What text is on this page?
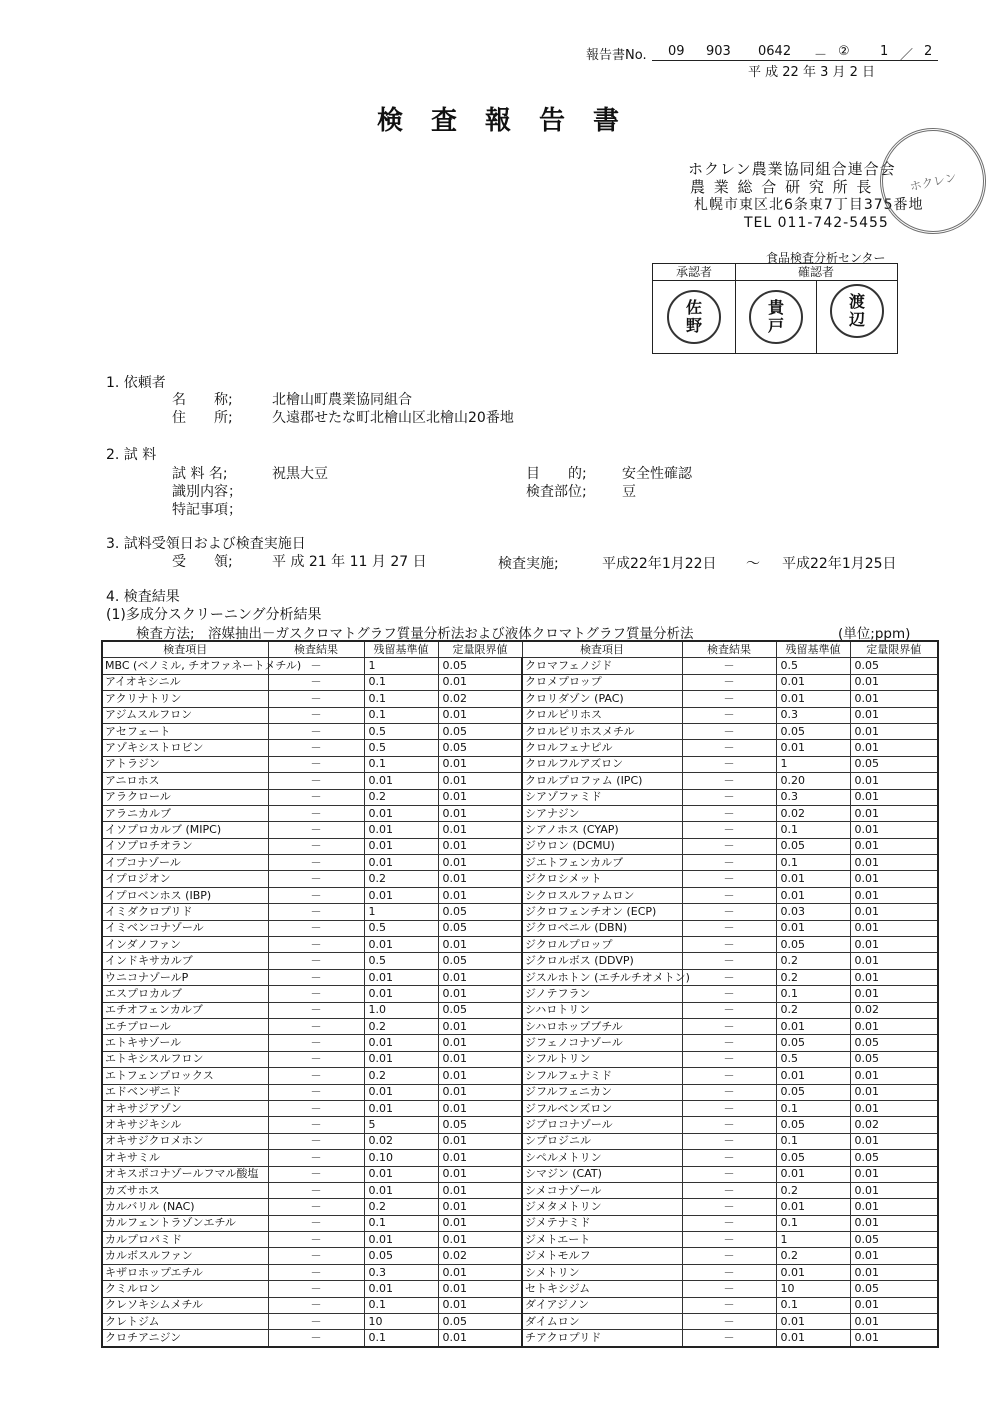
報告書No. 09 903 0642 － ② 1 ／ 2
平 成 22 年 3 月 2 日
検査報告書
ホクレン農業協同組合連合会
農 業 総 合 研 究 所 長
札幌市東区北6条東7丁目375番地
TEL 011-742-5455
ホクレン
食品検査分析センター
承認者	確認者
佐
野
貴
戸
渡
辺
1. 依頼者
名　　称;	北檜山町農業協同組合
住　　所;	久遠郡せたな町北檜山区北檜山20番地
2. 試 料
試 料 名;	祝黒大豆
識別内容；
特記事項；
目　　的;	安全性確認
検査部位;	豆
3. 試料受領日および検査実施日
受　　領;	平 成 21 年 11 月 27 日	検査実施;	平成22年1月22日 ～ 平成22年1月25日
4. 検査結果
(1)多成分スクリーニング分析結果
検査方法;　溶媒抽出－ガスクロマトグラフ質量分析法および液体クロマトグラフ質量分析法	(単位;ppm)
検査項目	検査結果	残留基準値	定量限界値	検査項目	検査結果	残留基準値	定量限界値
MBC (ベノミル, チオファネートメチル)	－	1	0.05	クロマフェノジド	－	0.5	0.05
アイオキシニル	－	0.1	0.01	クロメプロップ	－	0.01	0.01
アクリナトリン	－	0.1	0.02	クロリダゾン (PAC)	－	0.01	0.01
アジムスルフロン	－	0.1	0.01	クロルピリホス	－	0.3	0.01
アセフェート	－	0.5	0.05	クロルピリホスメチル	－	0.05	0.01
アゾキシストロビン	－	0.5	0.05	クロルフェナピル	－	0.01	0.01
アトラジン	－	0.1	0.01	クロルフルアズロン	－	1	0.05
アニロホス	－	0.01	0.01	クロルプロファム (IPC)	－	0.20	0.01
アラクロール	－	0.2	0.01	シアゾファミド	－	0.3	0.01
アラニカルブ	－	0.01	0.01	シアナジン	－	0.02	0.01
イソプロカルブ (MIPC)	－	0.01	0.01	シアノホス (CYAP)	－	0.1	0.01
イソプロチオラン	－	0.01	0.01	ジウロン (DCMU)	－	0.05	0.01
イプコナゾール	－	0.01	0.01	ジエトフェンカルブ	－	0.1	0.01
イプロジオン	－	0.2	0.01	ジクロシメット	－	0.01	0.01
イプロベンホス (IBP)	－	0.01	0.01	シクロスルファムロン	－	0.01	0.01
イミダクロプリド	－	1	0.05	ジクロフェンチオン (ECP)	－	0.03	0.01
イミベンコナゾール	－	0.5	0.05	ジクロベニル (DBN)	－	0.01	0.01
インダノファン	－	0.01	0.01	ジクロルプロップ	－	0.05	0.01
インドキサカルブ	－	0.5	0.05	ジクロルボス (DDVP)	－	0.2	0.01
ウニコナゾールP	－	0.01	0.01	ジスルホトン (エチルチオメトン)	－	0.2	0.01
エスプロカルブ	－	0.01	0.01	ジノテフラン	－	0.1	0.01
エチオフェンカルブ	－	1.0	0.05	シハロトリン	－	0.2	0.02
エチプロール	－	0.2	0.01	シハロホップブチル	－	0.01	0.01
エトキサゾール	－	0.01	0.01	ジフェノコナゾール	－	0.05	0.05
エトキシスルフロン	－	0.01	0.01	シフルトリン	－	0.5	0.05
エトフェンプロックス	－	0.2	0.01	シフルフェナミド	－	0.01	0.01
エドベンザニド	－	0.01	0.01	ジフルフェニカン	－	0.05	0.01
オキサジアゾン	－	0.01	0.01	ジフルベンズロン	－	0.1	0.01
オキサジキシル	－	5	0.05	ジプロコナゾール	－	0.05	0.02
オキサジクロメホン	－	0.02	0.01	シプロジニル	－	0.1	0.01
オキサミル	－	0.10	0.01	シペルメトリン	－	0.05	0.05
オキスポコナゾールフマル酸塩	－	0.01	0.01	シマジン (CAT)	－	0.01	0.01
カズサホス	－	0.01	0.01	シメコナゾール	－	0.2	0.01
カルバリル (NAC)	－	0.2	0.01	ジメタメトリン	－	0.01	0.01
カルフェントラゾンエチル	－	0.1	0.01	ジメテナミド	－	0.1	0.01
カルプロパミド	－	0.01	0.01	ジメトエート	－	1	0.05
カルボスルファン	－	0.05	0.02	ジメトモルフ	－	0.2	0.01
キザロホップエチル	－	0.3	0.01	シメトリン	－	0.01	0.01
クミルロン	－	0.01	0.01	セトキシジム	－	10	0.05
クレソキシムメチル	－	0.1	0.01	ダイアジノン	－	0.1	0.01
クレトジム	－	10	0.05	ダイムロン	－	0.01	0.01
クロチアニジン	－	0.1	0.01	チアクロプリド	－	0.01	0.01
